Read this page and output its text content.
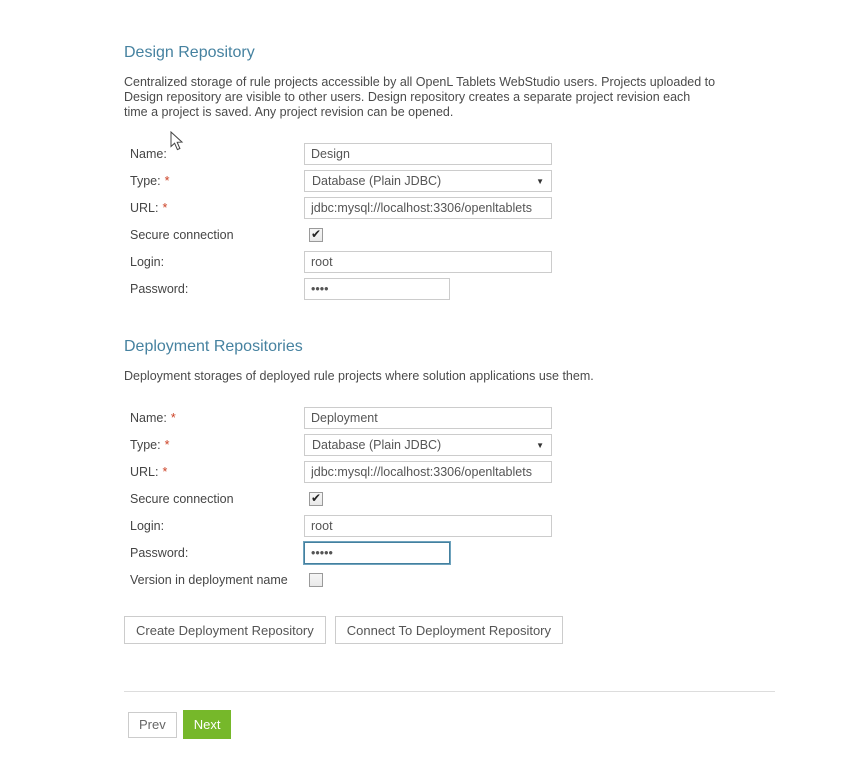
Design Repository

Centralized storage of rule projects accessible by all OpenL Tablets WebStudio users. Projects uploaded to
Design repository are visible to other users. Design repository creates a separate project revision each
time a project is saved. Any project revision can be opened.

Name:
Design
Type: *	Database (Plain JDBC)	▼
URL: *
jdbc:mysql://localhost:3306/openltablets
Secure connection	✔
Login:
root
Password:
••••
Deployment Repositories

Deployment storages of deployed rule projects where solution applications use them.

Name: *
Deployment
Type: *	Database (Plain JDBC)	▼
URL: *
jdbc:mysql://localhost:3306/openltablets
Secure connection	✔
Login:
root
Password:
•••••
Version in deployment name
Create Deployment Repository	Connect To Deployment Repository
Prev	Next
